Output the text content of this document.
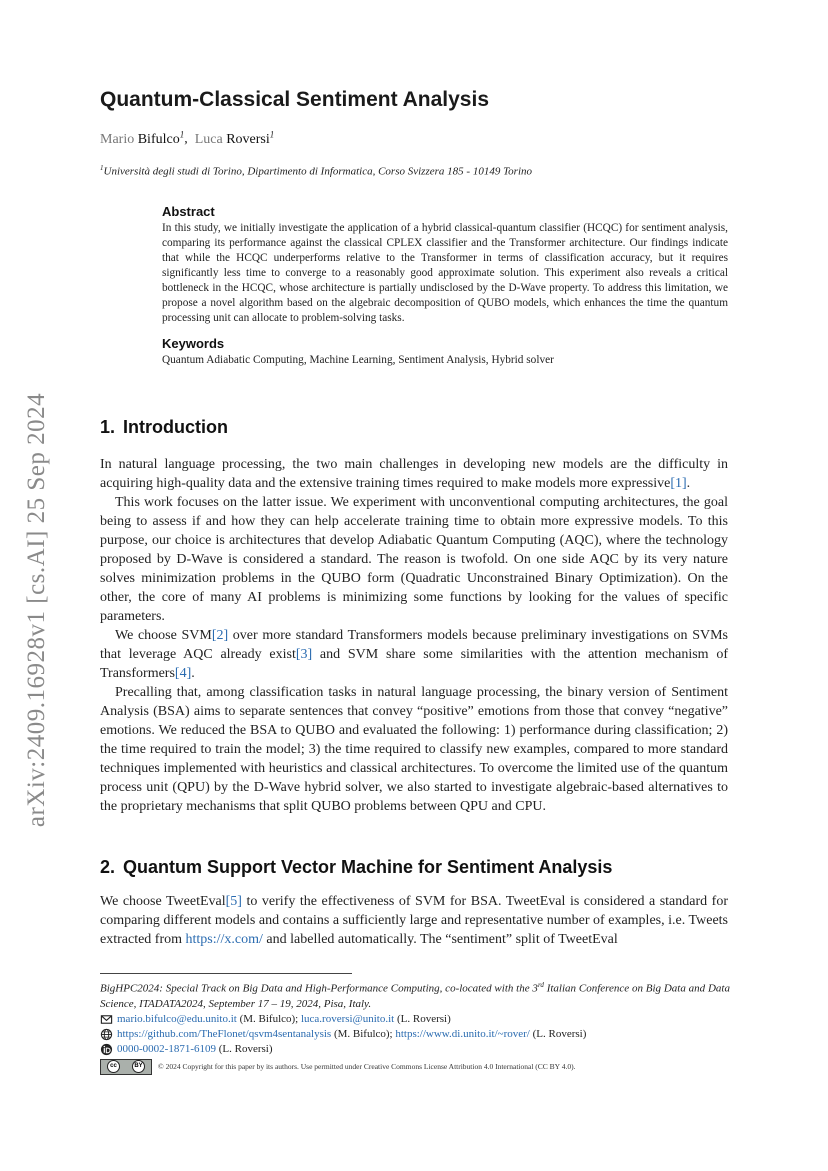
arXiv:2409.16928v1 [cs.AI] 25 Sep 2024
Quantum-Classical Sentiment Analysis
Mario Bifulco$^1$, Luca Roversi$^1$
$^1$Università degli studi di Torino, Dipartimento di Informatica, Corso Svizzera 185 - 10149 Torino
Abstract
In this study, we initially investigate the application of a hybrid classical-quantum classifier (HCQC) for sentiment analysis, comparing its performance against the classical CPLEX classifier and the Transformer architecture. Our findings indicate that while the HCQC underperforms relative to the Transformer in terms of classification accuracy, but it requires significantly less time to converge to a reasonably good approximate solution. This experiment also reveals a critical bottleneck in the HCQC, whose architecture is partially undisclosed by the D-Wave property. To address this limitation, we propose a novel algorithm based on the algebraic decomposition of QUBO models, which enhances the time the quantum processing unit can allocate to problem-solving tasks.
Keywords
Quantum Adiabatic Computing, Machine Learning, Sentiment Analysis, Hybrid solver
1. Introduction

In natural language processing, the two main challenges in developing new models are the difficulty in acquiring high-quality data and the extensive training times required to make models more expressive[1].

This work focuses on the latter issue. We experiment with unconventional computing architectures, the goal being to assess if and how they can help accelerate training time to obtain more expressive models. To this purpose, our choice is architectures that develop Adiabatic Quantum Computing (AQC), where the technology proposed by D-Wave is considered a standard. The reason is twofold. On one side AQC by its very nature solves minimization problems in the QUBO form (Quadratic Unconstrained Binary Optimization). On the other, the core of many AI problems is minimizing some functions by looking for the values of specific parameters.

We choose SVM[2] over more standard Transformers models because preliminary investigations on SVMs that leverage AQC already exist[3] and SVM share some similarities with the attention mechanism of Transformers[4].

Precalling that, among classification tasks in natural language processing, the binary version of Sentiment Analysis (BSA) aims to separate sentences that convey “positive” emotions from those that convey “negative” emotions. We reduced the BSA to QUBO and evaluated the following: 1) performance during classification; 2) the time required to train the model; 3) the time required to classify new examples, compared to more standard techniques implemented with heuristics and classical architectures. To overcome the limited use of the quantum process unit (QPU) by the D-Wave hybrid solver, we also started to investigate algebraic-based alternatives to the proprietary mechanisms that split QUBO problems between QPU and CPU.

2. Quantum Support Vector Machine for Sentiment Analysis

We choose TweetEval[5] to verify the effectiveness of SVM for BSA. TweetEval is considered a standard for comparing different models and contains a sufficiently large and representative number of examples, i.e. Tweets extracted from https://x.com/ and labelled automatically. The “sentiment” split of TweetEval

BigHPC2024: Special Track on Big Data and High-Performance Computing, co-located with the 3rd Italian Conference on Big Data and Data Science, ITADATA2024, September 17 – 19, 2024, Pisa, Italy.
mario.bifulco@edu.unito.it (M. Bifulco); luca.roversi@unito.it (L. Roversi)
https://github.com/TheFlonet/qsvm4sentanalysis (M. Bifulco); https://www.di.unito.it/~rover/ (L. Roversi)
0000-0002-1871-6109 (L. Roversi)
cc	BY	© 2024 Copyright for this paper by its authors. Use permitted under Creative Commons License Attribution 4.0 International (CC BY 4.0).
